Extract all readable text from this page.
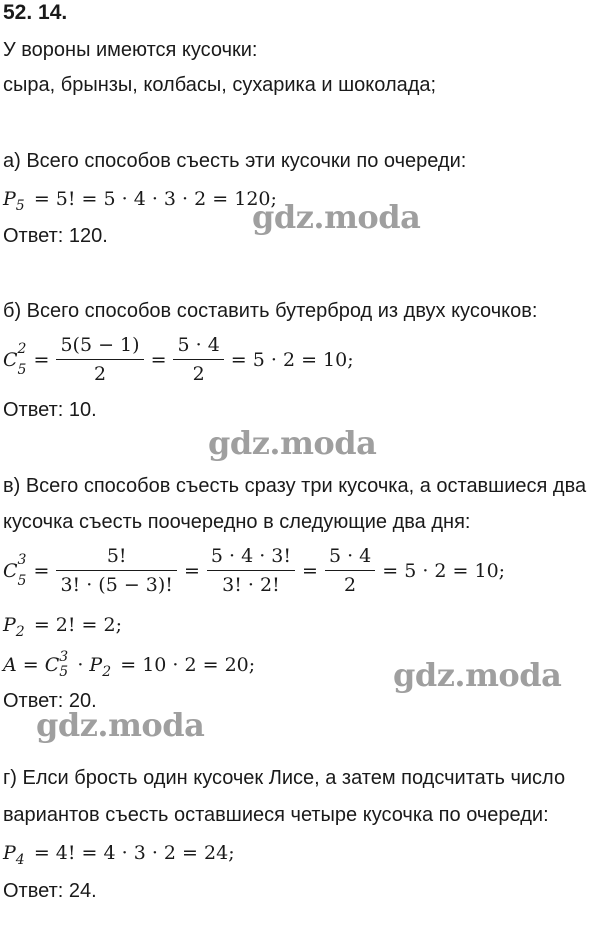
52. 14.
У вороны имеются кусочки:
сыра, брынзы, колбасы, сухарика и шоколада;
а) Всего способов съесть эти кусочки по очереди:
P 5 = 5! = 5 · 4 · 3 · 2 = 120;
Ответ: 120.
б) Всего способов составить бутерброд из двух кусочков:
C 2
$5 = \frac{5(5 - 1)}{2} = \frac{5 \cdot 4}{2} = 5 \cdot 2 = 10$;
Ответ: 10.
в) Всего способов съесть сразу три кусочка, а оставшиеся два
кусочка съесть поочередно в следующие два дня:
C 3
$5 = \frac{5!}{3! \cdot (5 - 3)!} = \frac{5 \cdot 4 \cdot 3!}{3! \cdot 2!} = \frac{5 \cdot 4}{2} = 5 \cdot 2 = 10$;
P 2 = 2! = 2;
A = C 3
5 · P 2 = 10 · 2 = 20;
Ответ: 20.
г) Елси брость один кусочек Лисе, а затем подсчитать число
вариантов съесть оставшиеся четыре кусочка по очереди:
P 4 = 4! = 4 · 3 · 2 = 24;
Ответ: 24.
gdz.moda
gdz.moda
gdz.moda
gdz.moda
